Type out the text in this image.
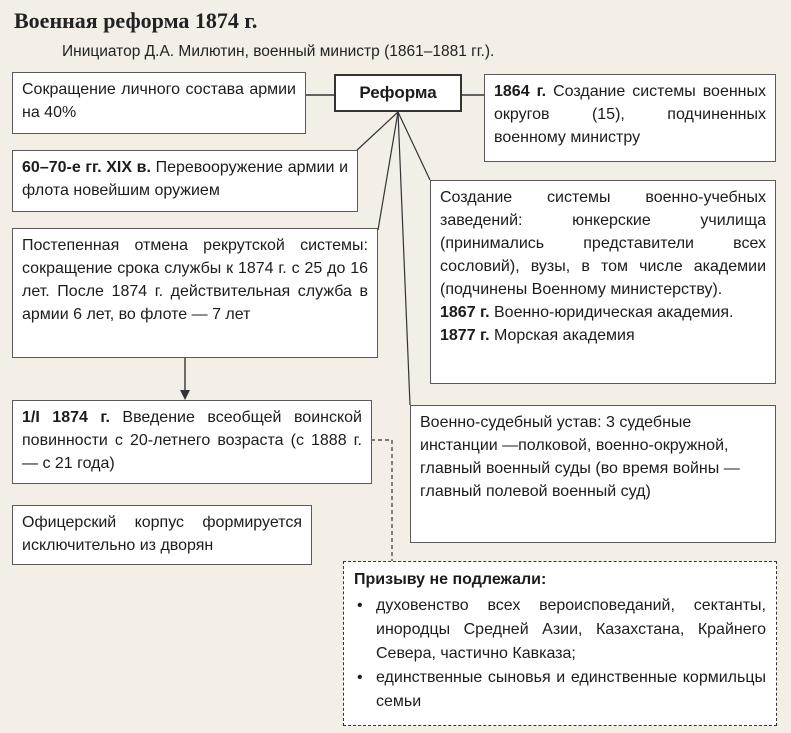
Военная реформа 1874 г.
Инициатор Д.А. Милютин, военный министр (1861–1881 гг.).
Реформа
Сокращение личного состава армии на 40%
60–70-е гг. XIX в. Перевооружение армии и флота новейшим оружием
Постепенная отмена рекрутской системы: сокращение срока службы к 1874 г. с 25 до 16 лет. После 1874 г. действительная служба в армии 6 лет, во флоте — 7 лет
1/I 1874 г. Введение всеобщей воинской повинности с 20-летнего возраста (с 1888 г. — с 21 года)
Офицерский корпус формируется исключительно из дворян
1864 г. Создание системы военных округов (15), подчиненных военному министру
Создание системы военно-учебных заведений: юнкерские училища (принимались представители всех сословий), вузы, в том числе академии (подчинены Военному министерству).
1867 г. Военно-юридическая академия.
1877 г. Морская академия
Военно-судебный устав: 3 судебные инстанции —полковой, военно-окружной, главный военный суды (во время войны — главный полевой военный суд)
Призыву не подлежали:
• духовенство всех вероисповеданий, сектанты, инородцы Средней Азии, Казахстана, Крайнего Севера, частично Кавказа;
• единственные сыновья и единственные кормильцы семьи
